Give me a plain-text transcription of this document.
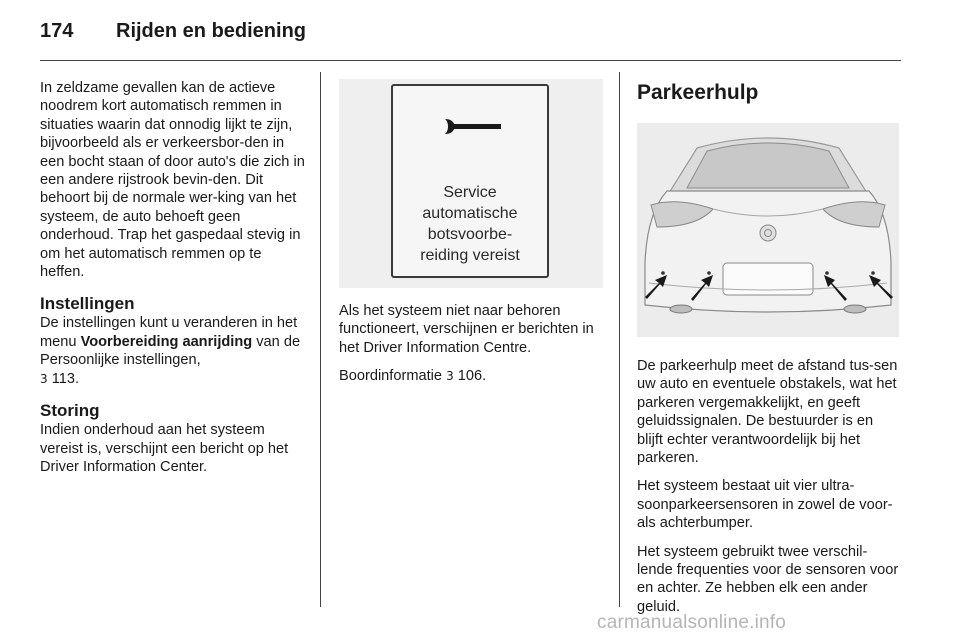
174 Rijden en bediening

In zeldzame gevallen kan de actieve noodrem kort automatisch remmen in situaties waarin dat onnodig lijkt te zijn, bijvoorbeeld als er verkeersbor-den in een bocht staan of door auto's die zich in een andere rijstrook bevin-den. Dit behoort bij de normale wer-king van het systeem, de auto behoeft geen onderhoud. Trap het gaspedaal stevig in om het automatisch remmen op te heffen.

Instellingen

De instellingen kunt u veranderen in het menu Voorbereiding aanrijding van de Persoonlijke instellingen,
3 113.

Storing

Indien onderhoud aan het systeem vereist is, verschijnt een bericht op het Driver Information Center.

Service
automatische
botsvoorbe-
reiding vereist

Als het systeem niet naar behoren functioneert, verschijnen er berichten in het Driver Information Centre.

Boordinformatie 3 106.

Parkeerhulp

De parkeerhulp meet de afstand tus-sen uw auto en eventuele obstakels, wat het parkeren vergemakkelijkt, en geeft geluidssignalen. De bestuurder is en blijft echter verantwoordelijk bij het parkeren.

Het systeem bestaat uit vier ultra-soonparkeersensoren in zowel de voor- als achterbumper.

Het systeem gebruikt twee verschil-lende frequenties voor de sensoren voor en achter. Ze hebben elk een ander geluid.

carmanualsonline.info
